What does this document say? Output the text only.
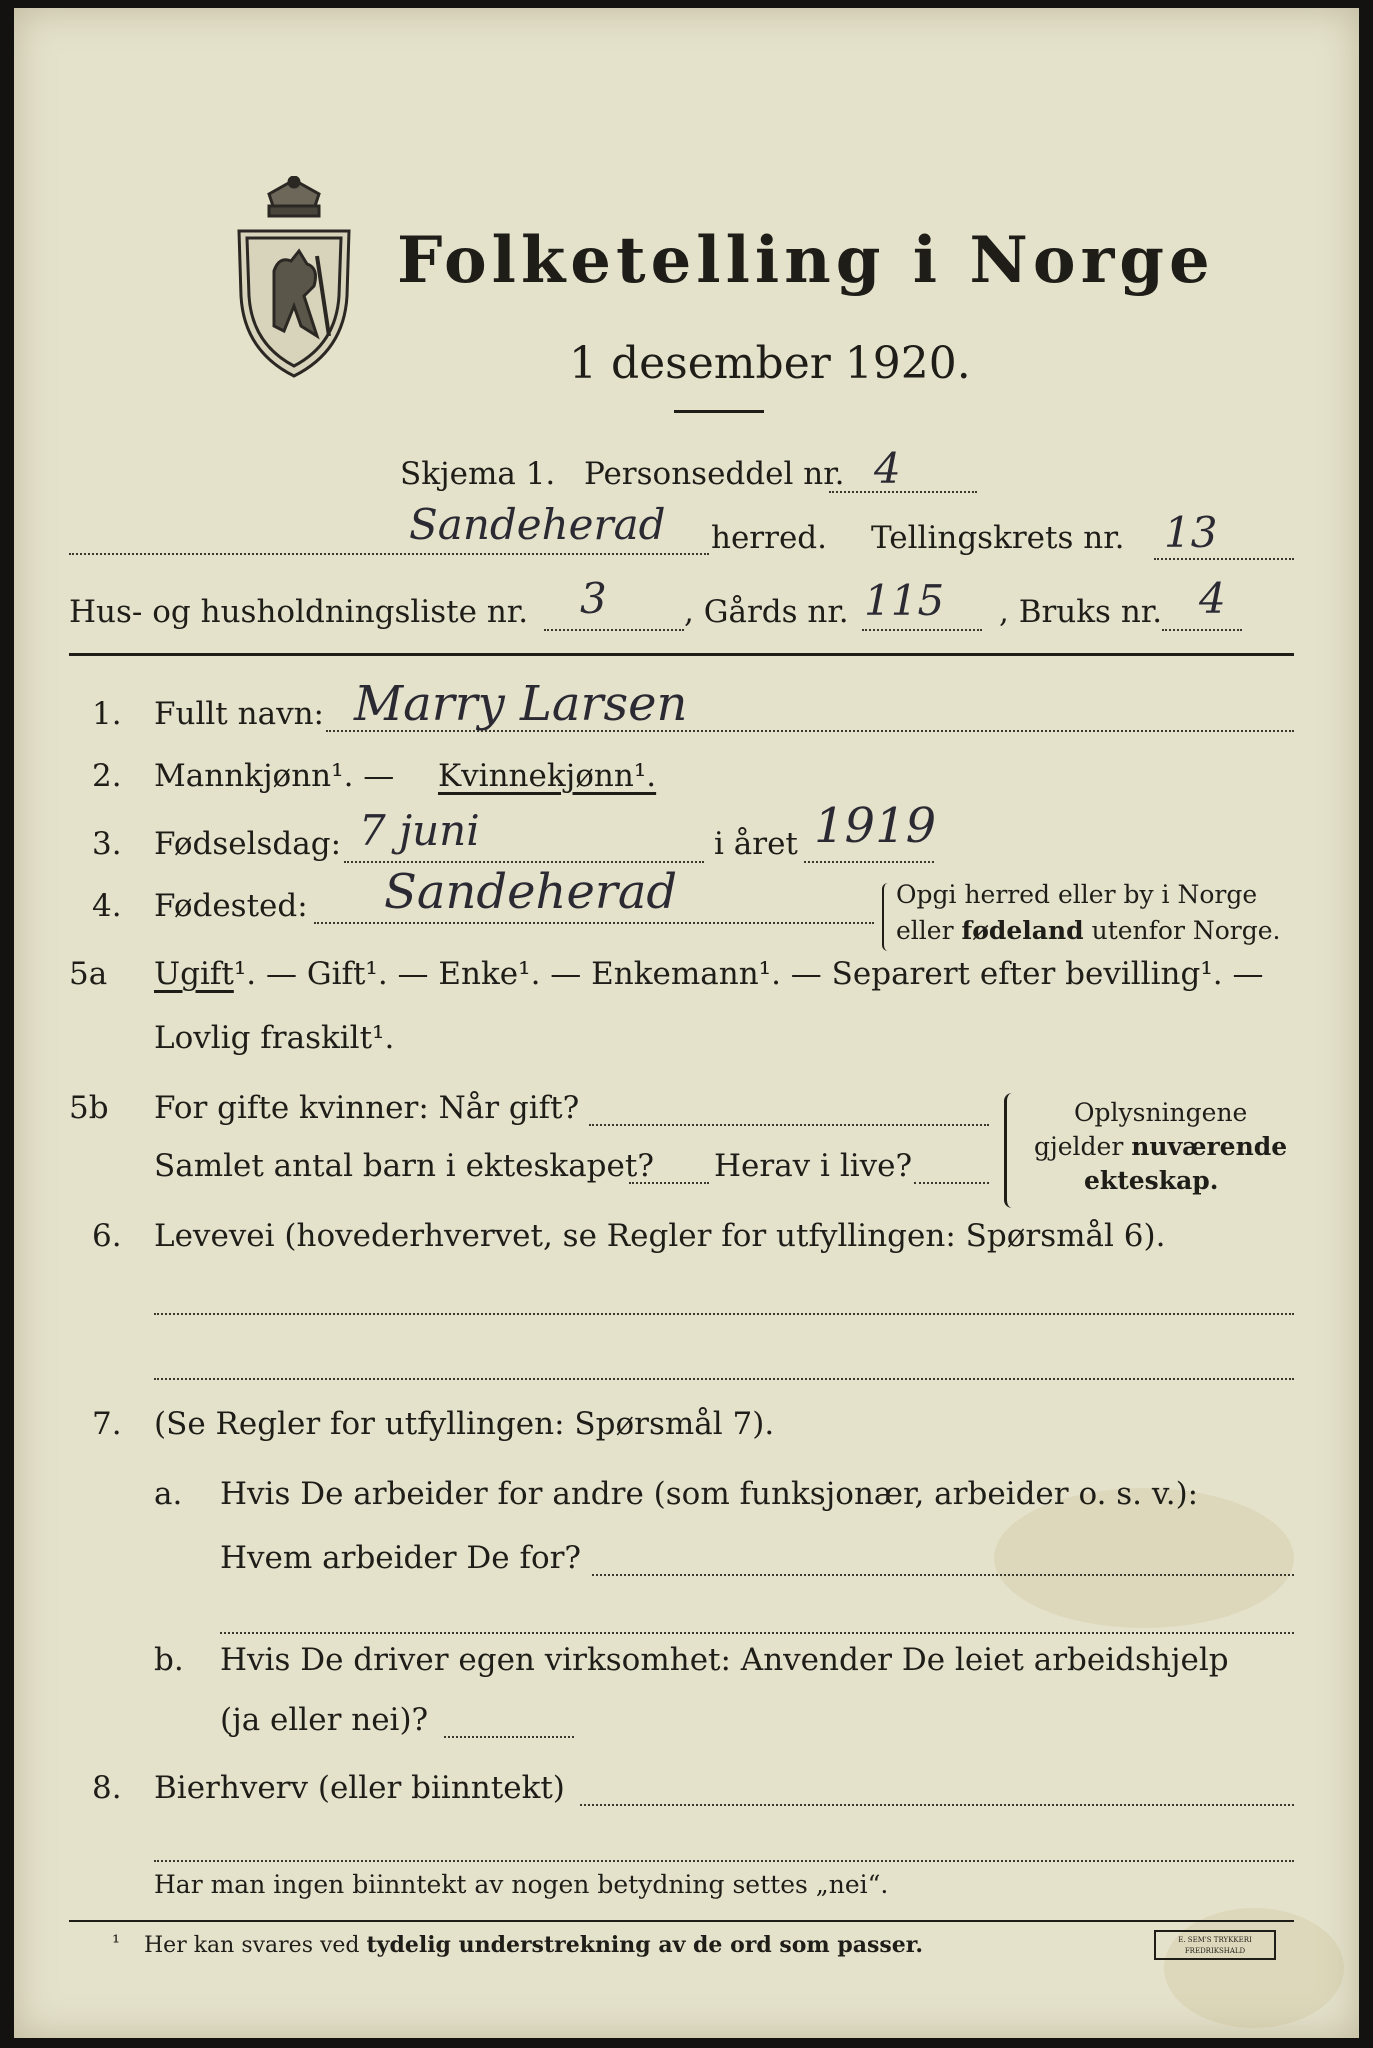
Folketelling i Norge
1 desember 1920.
Skjema 1. Personseddel nr. 4
Sandeherad herred. Tellingskrets nr. 13
Hus- og husholdningsliste nr. 3 , Gårds nr. 115 , Bruks nr. 4
1. Fullt navn: Marry Larsen
2. Mannkjønn¹. — Kvinnekjønn¹.
3. Fødselsdag: 7 juni	i året 1919
4. Fødested: Sandeherad	Opgi herred eller by i Norge
eller fødeland utenfor Norge.
5a Ugift¹. — Gift¹. — Enke¹. — Enkemann¹. — Separert efter bevilling¹. —
Lovlig fraskilt¹.
5b For gifte kvinner: Når gift?
Samlet antal barn i ekteskapet? Herav i live?
Oplysningene
gjelder nuværende
ekteskap.
6. Levevei (hovederhvervet, se Regler for utfyllingen: Spørsmål 6).
7. (Se Regler for utfyllingen: Spørsmål 7).
a. Hvis De arbeider for andre (som funksjonær, arbeider o. s. v.):
Hvem arbeider De for?
b. Hvis De driver egen virksomhet: Anvender De leiet arbeidshjelp
(ja eller nei)?
8. Bierhverv (eller biinntekt)
Har man ingen biinntekt av nogen betydning settes „nei“.
¹ Her kan svares ved tydelig understrekning av de ord som passer.	E. SEM'S TRYKKERI
FREDRIKSHALD
